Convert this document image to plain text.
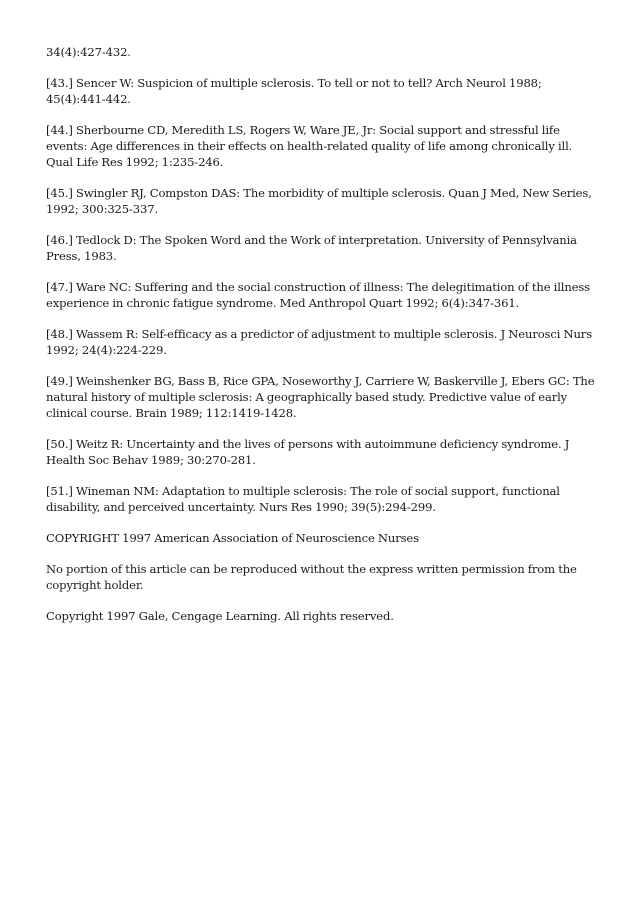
34(4):427-432.

[43.] Sencer W: Suspicion of multiple sclerosis. To tell or not to tell? Arch Neurol 1988; 45(4):441-442.

[44.] Sherbourne CD, Meredith LS, Rogers W, Ware JE, Jr: Social support and stressful life events: Age differences in their effects on health-related quality of life among chronically ill. Qual Life Res 1992; 1:235-246.

[45.] Swingler RJ, Compston DAS: The morbidity of multiple sclerosis. Quan J Med, New Series, 1992; 300:325-337.

[46.] Tedlock D: The Spoken Word and the Work of interpretation. University of Pennsylvania Press, 1983.

[47.] Ware NC: Suffering and the social construction of illness: The delegitimation of the illness experience in chronic fatigue syndrome. Med Anthropol Quart 1992; 6(4):347-361.

[48.] Wassem R: Self-efficacy as a predictor of adjustment to multiple sclerosis. J Neurosci Nurs 1992; 24(4):224-229.

[49.] Weinshenker BG, Bass B, Rice GPA, Noseworthy J, Carriere W, Baskerville J, Ebers GC: The natural history of multiple sclerosis: A geographically based study. Predictive value of early clinical course. Brain 1989; 112:1419-1428.

[50.] Weitz R: Uncertainty and the lives of persons with autoimmune deficiency syndrome. J Health Soc Behav 1989; 30:270-281.

[51.] Wineman NM: Adaptation to multiple sclerosis: The role of social support, functional disability, and perceived uncertainty. Nurs Res 1990; 39(5):294-299.

COPYRIGHT 1997 American Association of Neuroscience Nurses

No portion of this article can be reproduced without the express written permission from the copyright holder.

Copyright 1997 Gale, Cengage Learning. All rights reserved.
